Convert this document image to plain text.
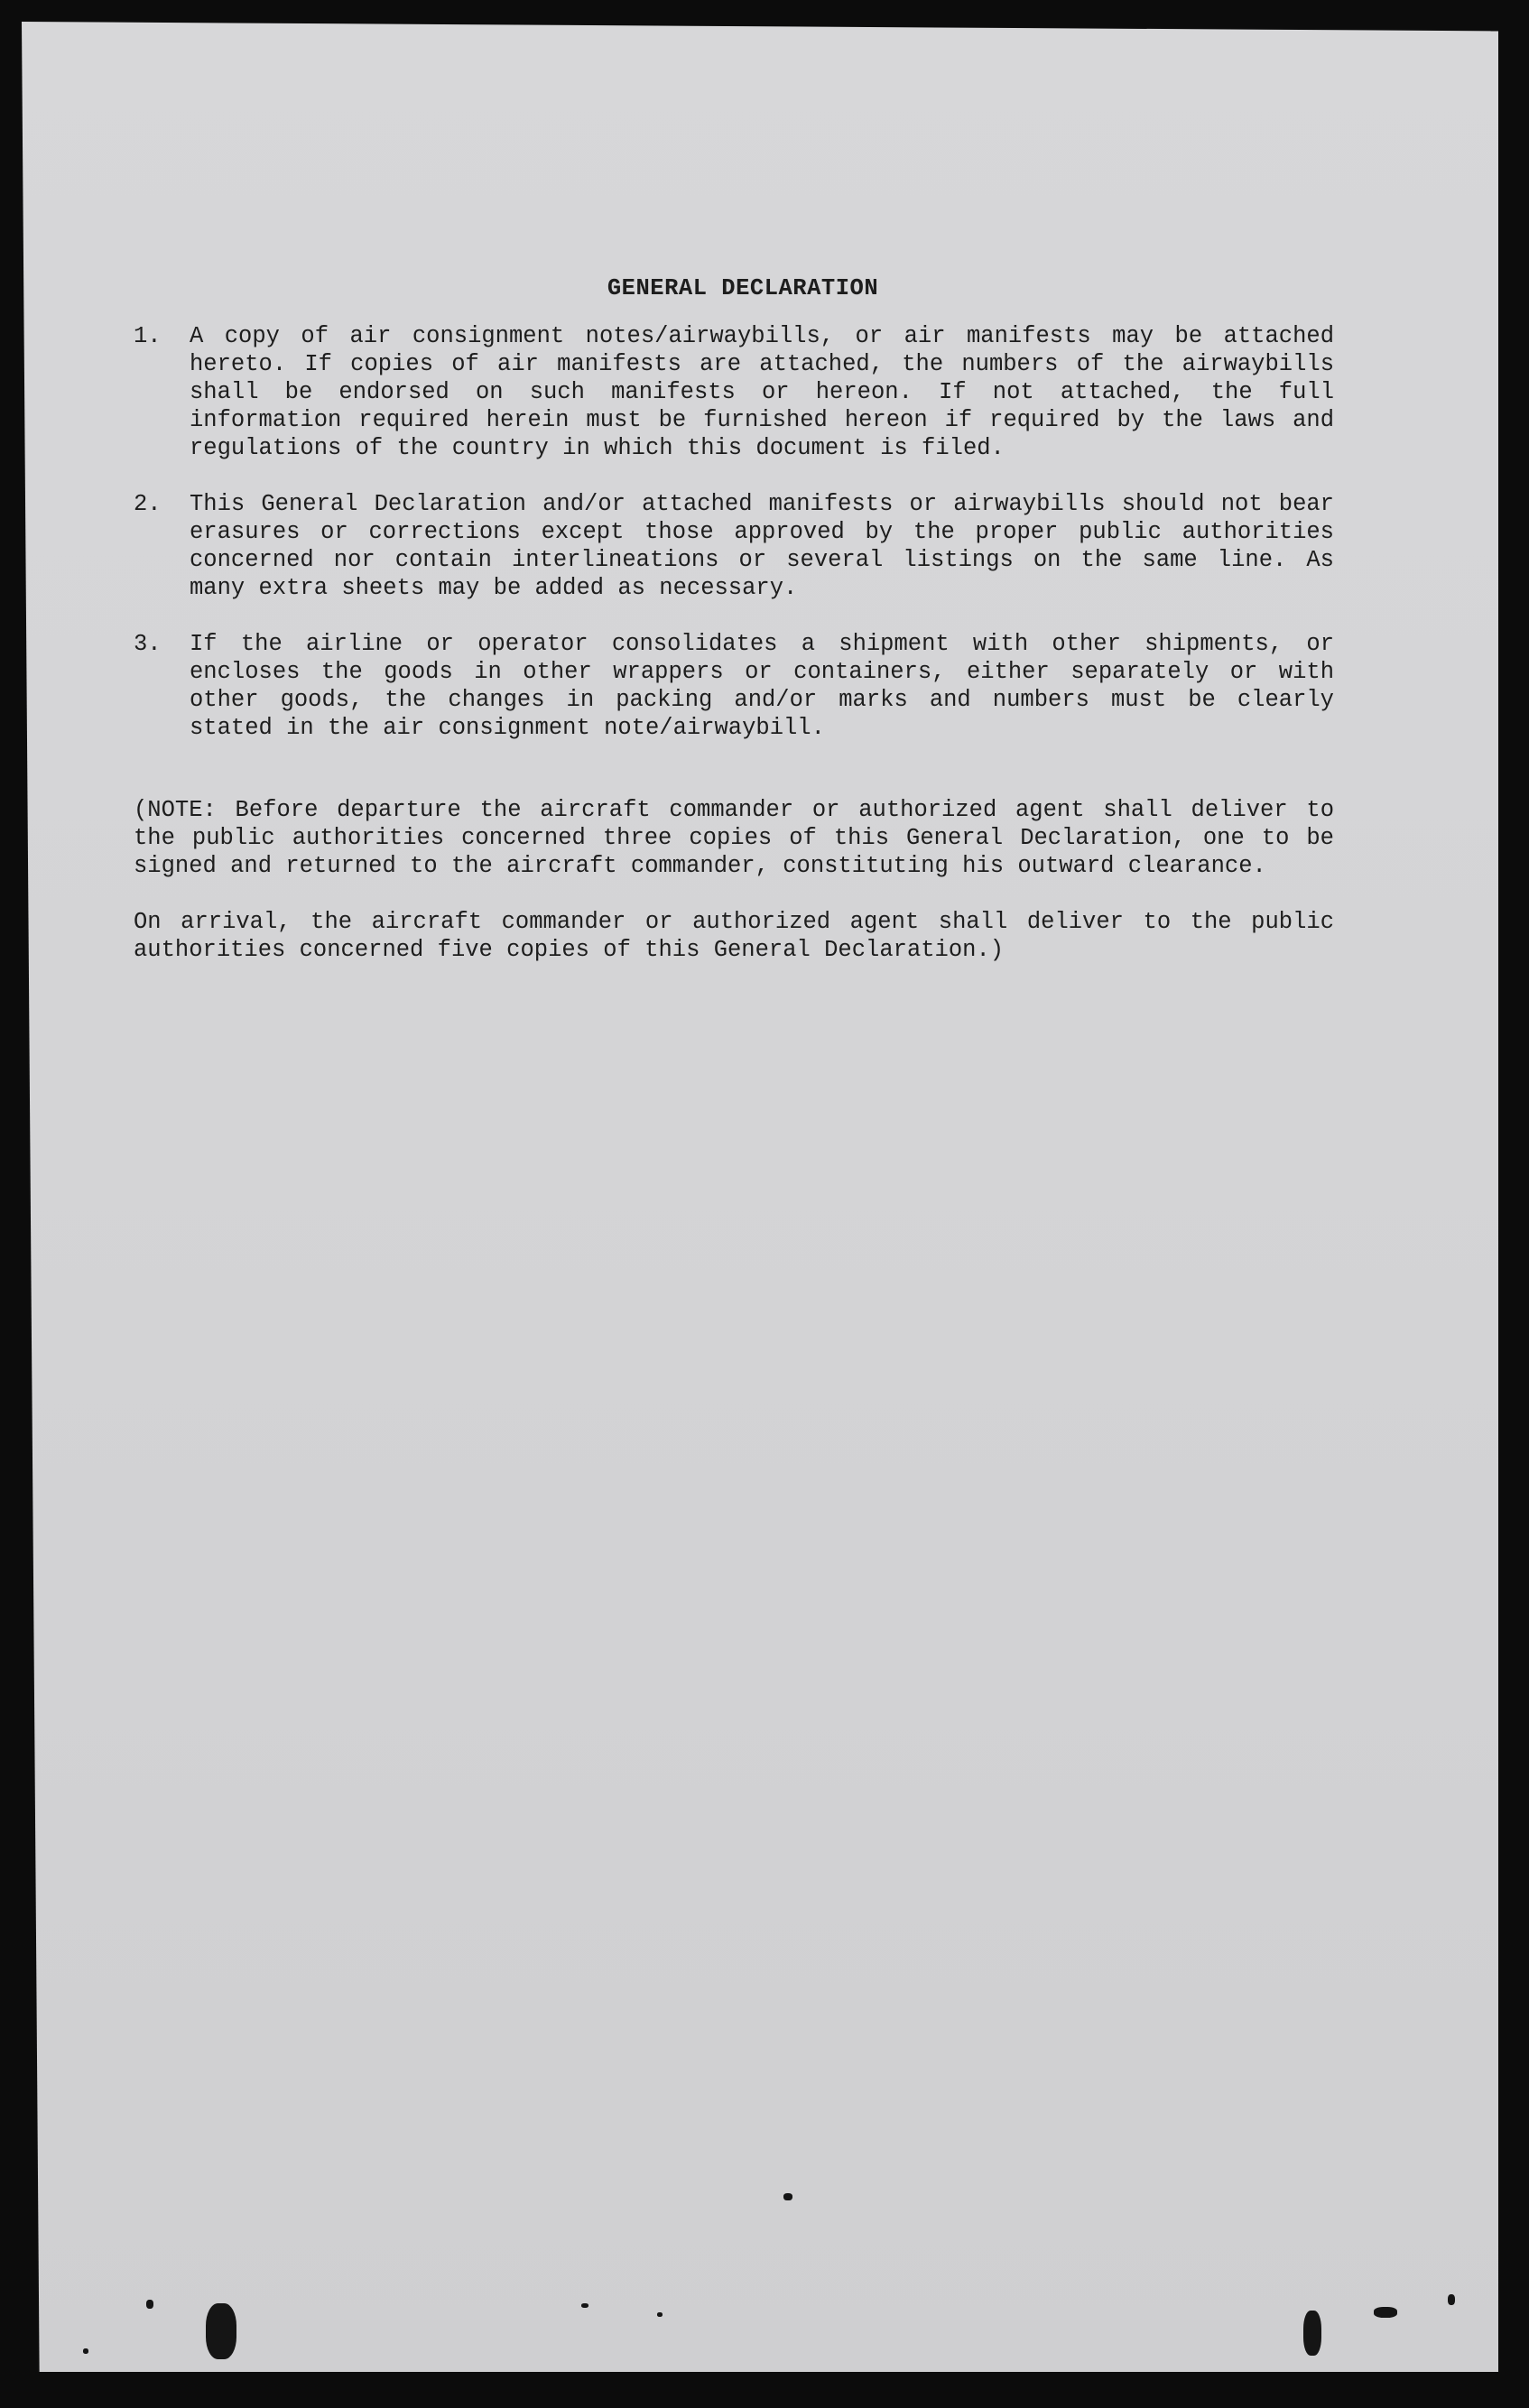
GENERAL DECLARATION
1.	A copy of air consignment notes/airwaybills, or air manifests may be attached hereto. If copies of air manifests are attached, the numbers of the airwaybills shall be endorsed on such manifests or hereon. If not attached, the full information required herein must be furnished hereon if required by the laws and regulations of the country in which this document is filed.

2.	This General Declaration and/or attached manifests or airwaybills should not bear erasures or corrections except those approved by the proper public authorities concerned nor contain interlineations or several listings on the same line. As many extra sheets may be added as necessary.

3.	If the airline or operator consolidates a shipment with other shipments, or encloses the goods in other wrappers or containers, either separately or with other goods, the changes in packing and/or marks and numbers must be clearly stated in the air consignment note/airwaybill.

(NOTE: Before departure the aircraft commander or authorized agent shall deliver to the public authorities concerned three copies of this General Declaration, one to be signed and returned to the aircraft commander, constituting his outward clearance.

On arrival, the aircraft commander or authorized agent shall deliver to the public authorities concerned five copies of this General Declaration.)
